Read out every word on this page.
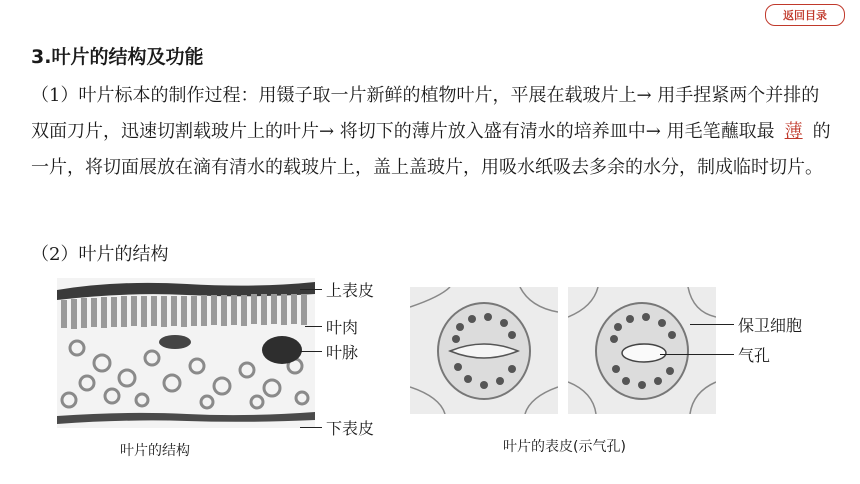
返回目录
3.叶片的结构及功能

（1）叶片标本的制作过程：用镊子取一片新鲜的植物叶片，平展在载玻片上→ 用手捏紧两个并排的双面刀片，迅速切割载玻片上的叶片→ 将切下的薄片放入盛有清水的培养皿中→ 用毛笔蘸取最 薄 的一片，将切面展放在滴有清水的载玻片上，盖上盖玻片，用吸水纸吸去多余的水分，制成临时切片。

（2）叶片的结构
上表皮
叶肉
叶脉
下表皮
叶片的结构
保卫细胞
气孔
叶片的表皮(示气孔)
